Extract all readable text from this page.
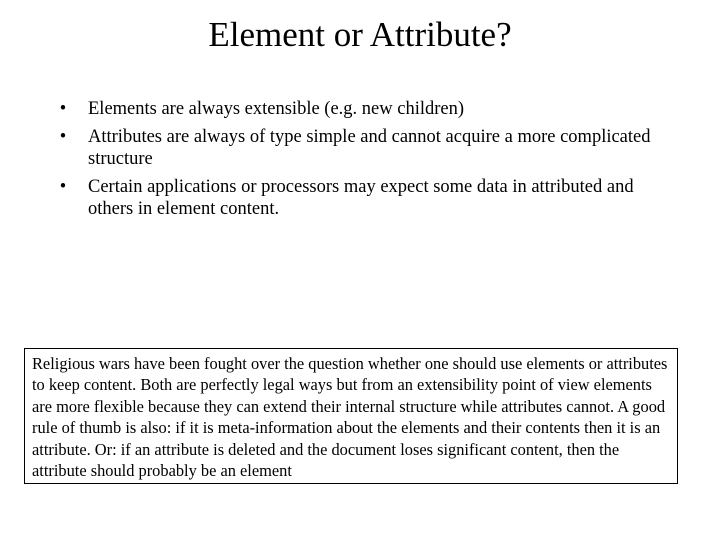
Element or Attribute?
• Elements are always extensible (e.g. new children)
• Attributes are always of type simple and cannot acquire a more complicated structure
• Certain applications or processors may expect some data in attributed and others in element content.
Religious wars have been fought over the question whether one should use elements or attributes to keep content. Both are perfectly legal ways but from an extensibility point of view elements are more flexible because they can extend their internal structure while attributes cannot. A good rule of thumb is also: if it is meta-information about the elements and their contents then it is an attribute. Or: if an attribute is deleted and the document loses significant content, then the attribute should probably be an element
